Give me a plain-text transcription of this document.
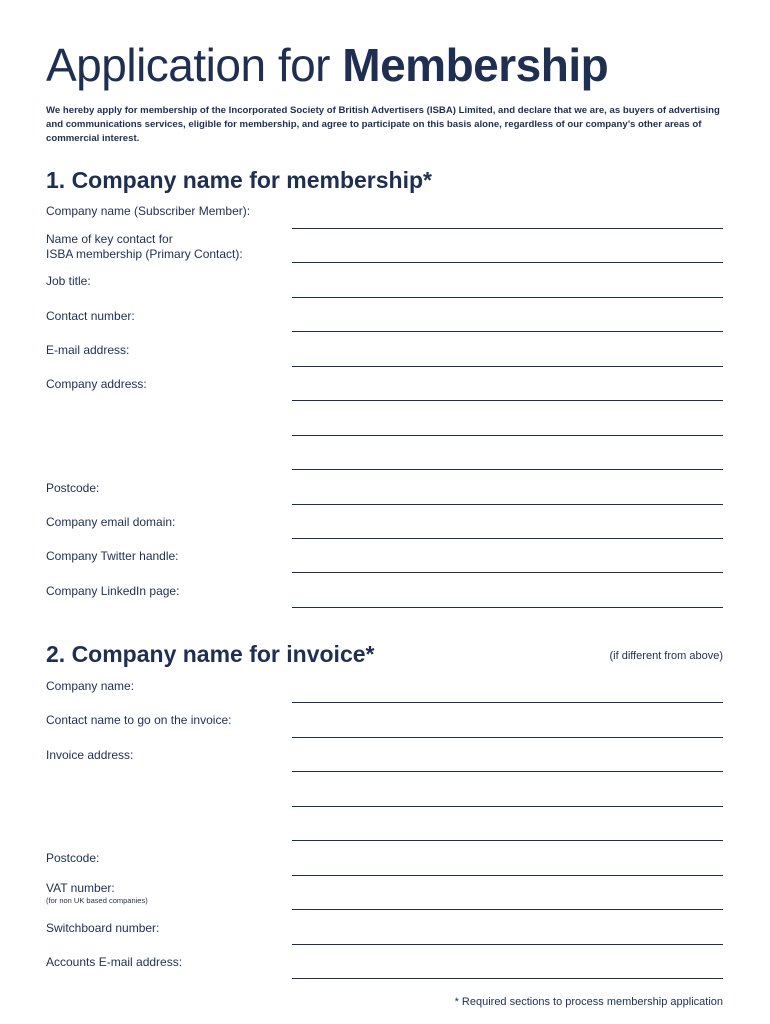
Application for Membership

We hereby apply for membership of the Incorporated Society of British Advertisers (ISBA) Limited, and declare that we are, as buyers of advertising and communications services, eligible for membership, and agree to participate on this basis alone, regardless of our company’s other areas of commercial interest.

1. Company name for membership*
Company name (Subscriber Member):
Name of key contact for
ISBA membership (Primary Contact):
Job title:
Contact number:
E-mail address:
Company address:
Postcode:
Company email domain:
Company Twitter handle:
Company LinkedIn page:
2. Company name for invoice*	(if different from above)
Company name:
Contact name to go on the invoice:
Invoice address:
Postcode:
VAT number:
(for non UK based companies)
Switchboard number:
Accounts E-mail address:
* Required sections to process membership application
